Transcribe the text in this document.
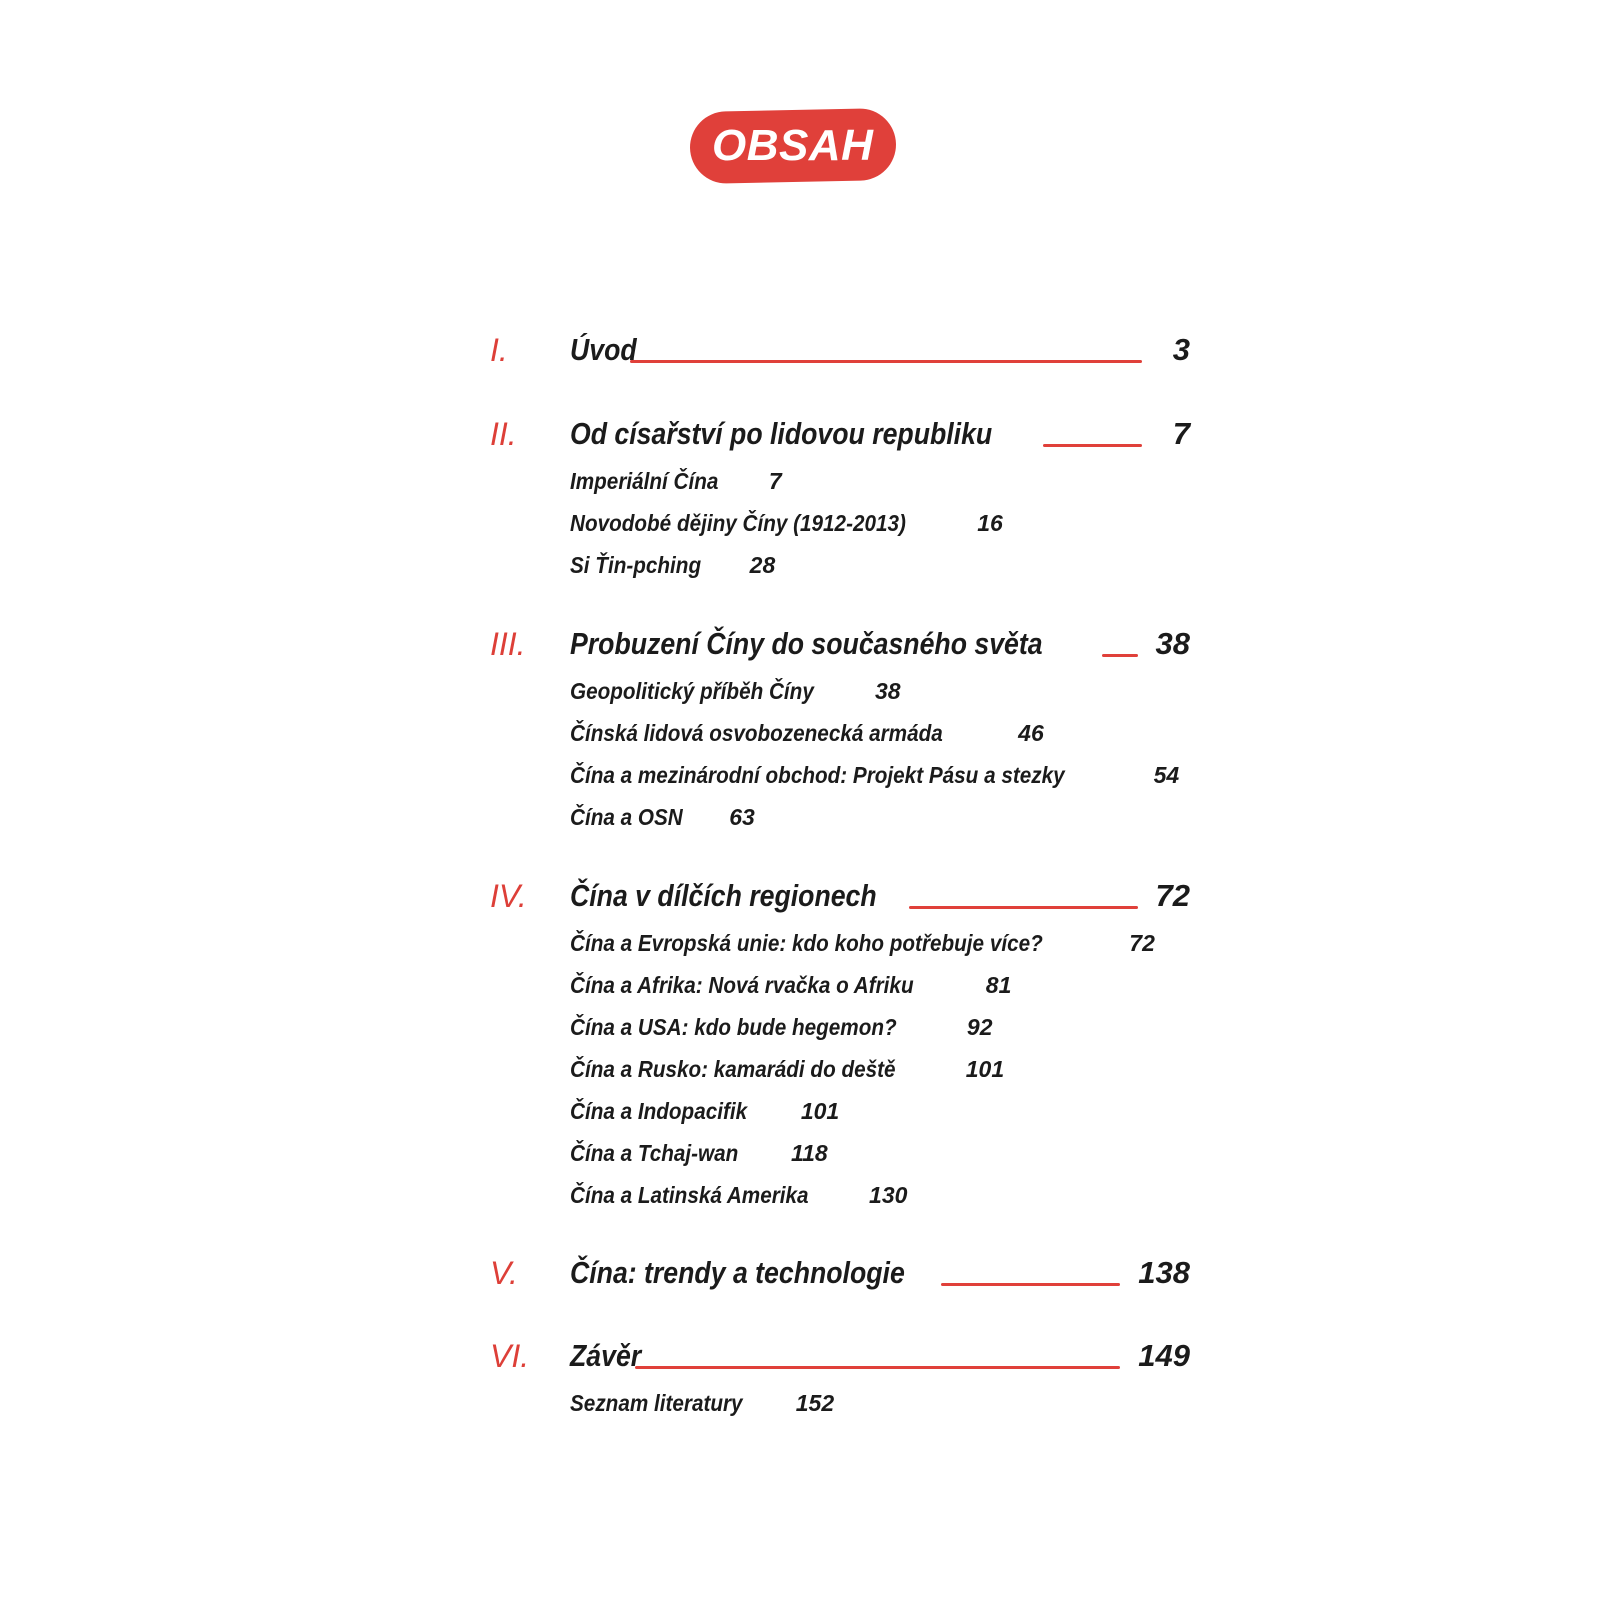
OBSAH
I.	Úvod	3
II.	Od císařství po lidovou republiku	7
Imperiální Čína 7
Novodobé dějiny Číny (1912-2013)	16
Si Ťin-pching 28
III.	Probuzení Číny do současného světa	38
Geopolitický příběh Číny	38
Čínská lidová osvobozenecká armáda	46
Čína a mezinárodní obchod: Projekt Pásu a stezky	54
Čína a OSN 63
IV.	Čína v dílčích regionech	72
Čína a Evropská unie: kdo koho potřebuje více?	72
Čína a Afrika: Nová rvačka o Afriku	81
Čína a USA: kdo bude hegemon?	92
Čína a Rusko: kamarádi do deště	101
Čína a Indopacifik 101
Čína a Tchaj-wan 118
Čína a Latinská Amerika	130
V.	Čína: trendy a technologie	138
VI.	Závěr	149
Seznam literatury 152
